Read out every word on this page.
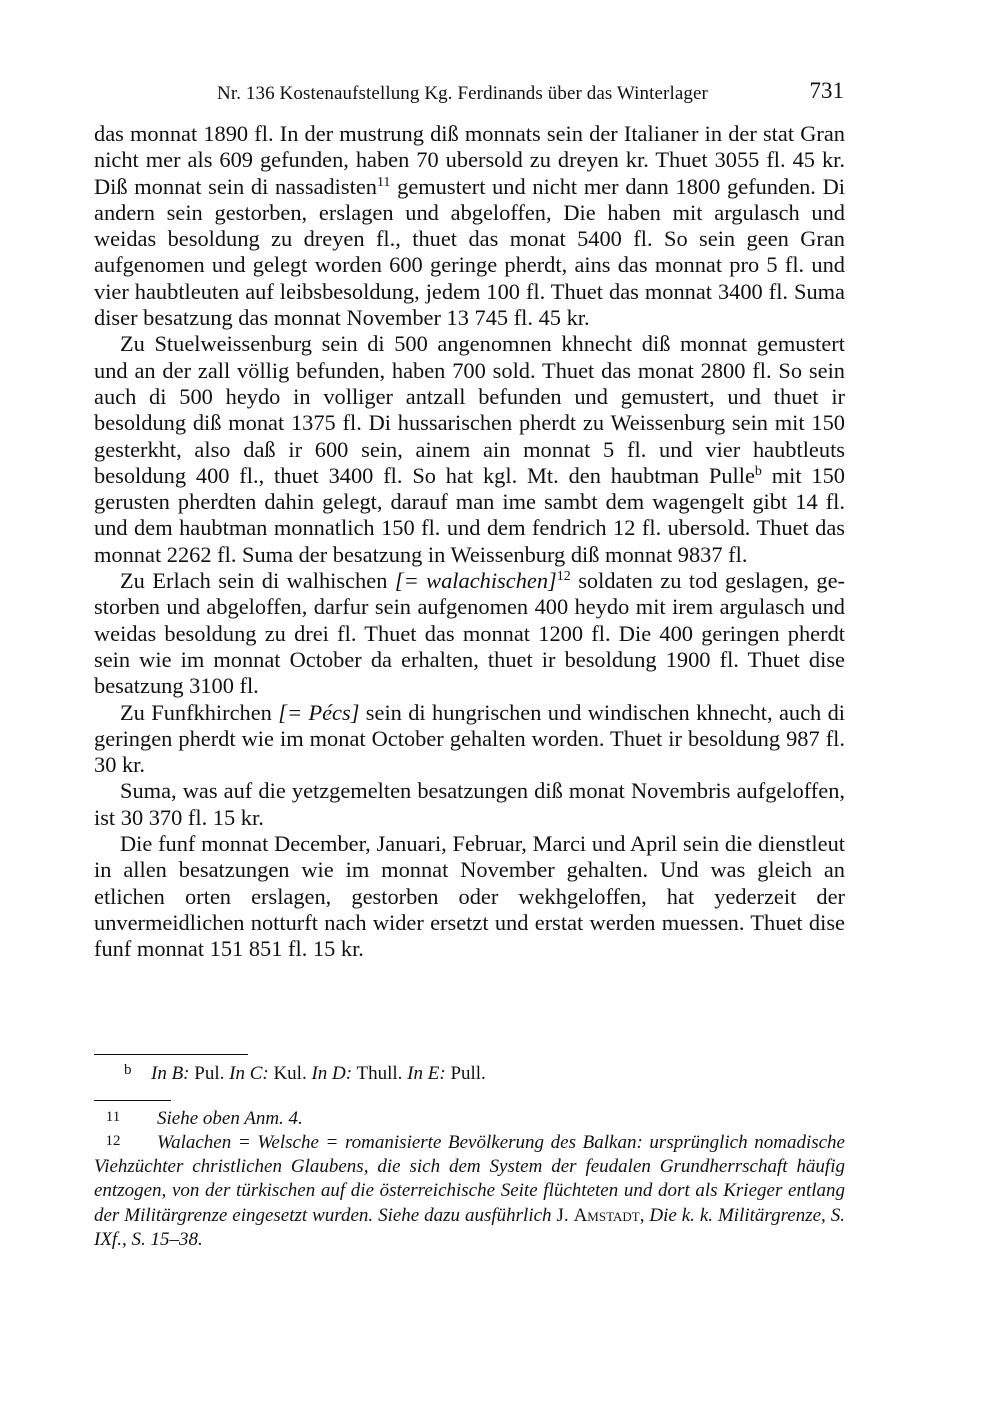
Nr. 136 Kostenaufstellung Kg. Ferdinands über das Winterlager	731

das monnat 1890 fl. In der mustrung diß monnats sein der Italianer in der stat Gran nicht mer als 609 gefunden, haben 70 ubersold zu dreyen kr. Thuet 3055 fl. 45 kr. Diß monnat sein di nassadisten$^{11}$ gemustert und nicht mer dann 1800 gefunden. Di andern sein gestorben, erslagen und abgeloffen, Die haben mit argulasch und weidas besoldung zu dreyen fl., thuet das monat 5400 fl. So sein geen Gran aufgenomen und gelegt worden 600 geringe pherdt, ains das monnat pro 5 fl. und vier haubtleuten auf leibsbesoldung, jedem 100 fl. Thuet das monnat 3400 fl. Suma diser besatzung das monnat November 13 745 fl. 45 kr.

Zu Stuelweissenburg sein di 500 angenomnen khnecht diß monnat gemustert und an der zall völlig befunden, haben 700 sold. Thuet das monat 2800 fl. So sein auch di 500 heydo in volliger antzall befunden und gemustert, und thuet ir besoldung diß monat 1375 fl. Di hussarischen pherdt zu Weissenburg sein mit 150 gesterkht, also daß ir 600 sein, ainem ain monnat 5 fl. und vier haubtleuts besoldung 400 fl., thuet 3400 fl. So hat kgl. Mt. den haubtman Pulle$^b$ mit 150 gerusten pherdten dahin gelegt, darauf man ime sambt dem wagengelt gibt 14 fl. und dem haubtman monnatlich 150 fl. und dem fendrich 12 fl. ubersold. Thuet das monnat 2262 fl. Suma der besatzung in Weissenburg diß monnat 9837 fl.

Zu Erlach sein di walhischen [= walachischen]$^{12}$ soldaten zu tod geslagen, gestorben und abgeloffen, darfur sein aufgenomen 400 heydo mit irem argulasch und weidas besoldung zu drei fl. Thuet das monnat 1200 fl. Die 400 geringen pherdt sein wie im monnat October da erhalten, thuet ir besoldung 1900 fl. Thuet dise besatzung 3100 fl.

Zu Funfkhirchen [= Pécs] sein di hungrischen und windischen khnecht, auch di geringen pherdt wie im monat October gehalten worden. Thuet ir besoldung 987 fl. 30 kr.

Suma, was auf die yetzgemelten besatzungen diß monat Novembris aufgeloffen, ist 30 370 fl. 15 kr.

Die funf monnat December, Januari, Februar, Marci und April sein die dienstleut in allen besatzungen wie im monnat November gehalten. Und was gleich an etlichen orten erslagen, gestorben oder wekhgeloffen, hat yederzeit der unvermeidlichen notturft nach wider ersetzt und erstat werden muessen. Thuet dise funf monnat 151 851 fl. 15 kr.

b In B: Pul. In C: Kul. In D: Thull. In E: Pull.
11	Siehe oben Anm. 4.
12	Walachen = Welsche = romanisierte Bevölkerung des Balkan: ursprünglich nomadische Viehzüchter christlichen Glaubens, die sich dem System der feudalen Grundherrschaft häufig entzogen, von der türkischen auf die österreichische Seite flüchteten und dort als Krieger entlang der Militärgrenze eingesetzt wurden. Siehe dazu ausführlich J. Amstadt, Die k. k. Militärgrenze, S. IXf., S. 15–38.
